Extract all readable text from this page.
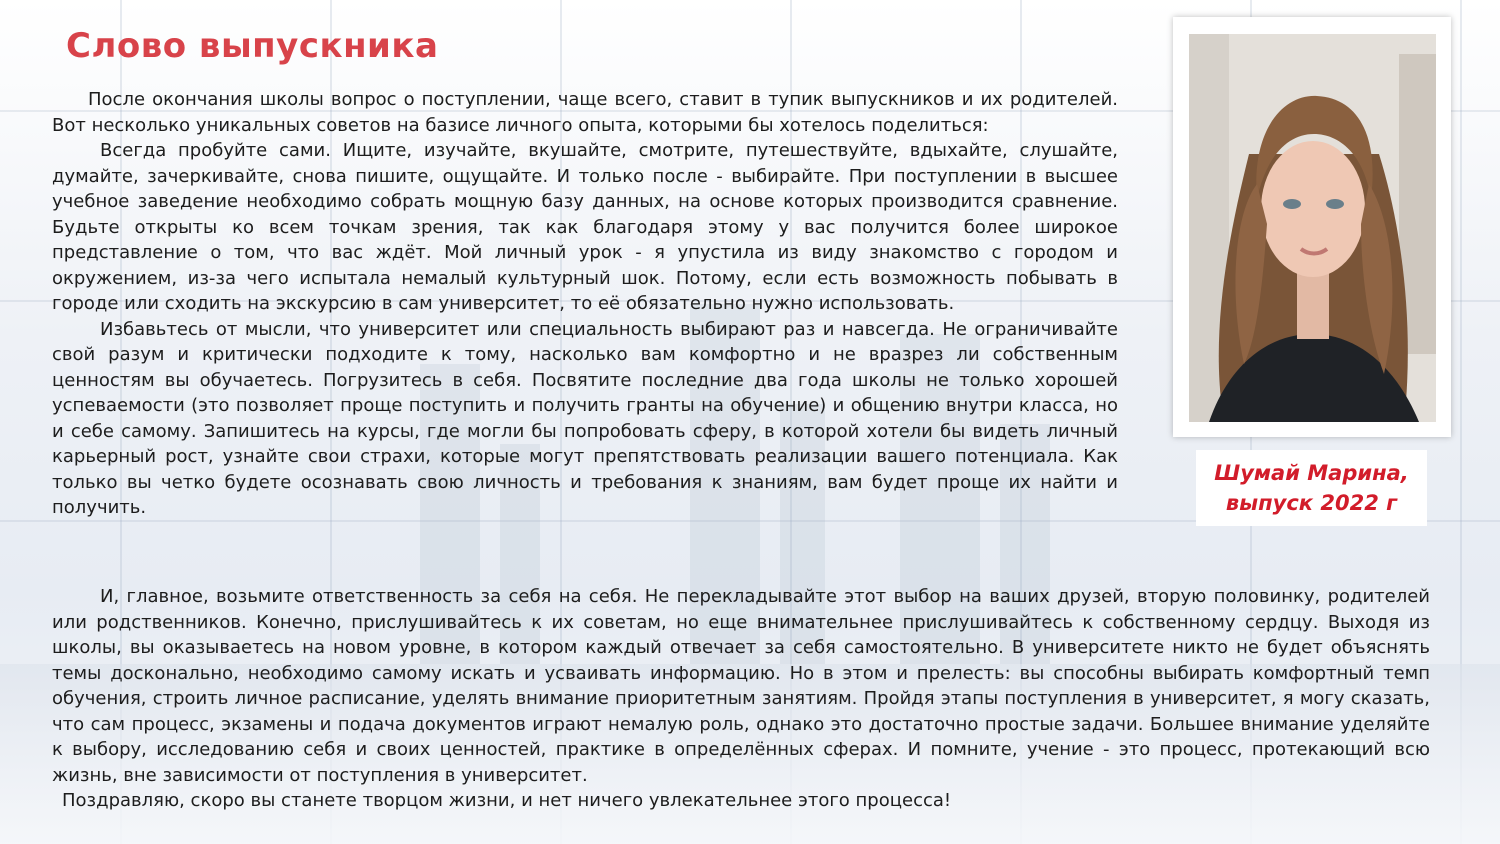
Слово выпускника

После окончания школы вопрос о поступлении, чаще всего, ставит в тупик выпускников и их родителей. Вот несколько уникальных советов на базисе личного опыта, которыми бы хотелось поделиться:

Всегда пробуйте сами. Ищите, изучайте, вкушайте, смотрите, путешествуйте, вдыхайте, слушайте, думайте, зачеркивайте, снова пишите, ощущайте. И только после - выбирайте. При поступлении в высшее учебное заведение необходимо собрать мощную базу данных, на основе которых производится сравнение. Будьте открыты ко всем точкам зрения, так как благодаря этому у вас получится более широкое представление о том, что вас ждёт. Мой личный урок - я упустила из виду знакомство с городом и окружением, из-за чего испытала немалый культурный шок. Потому, если есть возможность побывать в городе или сходить на экскурсию в сам университет, то её обязательно нужно использовать.

Избавьтесь от мысли, что университет или специальность выбирают раз и навсегда. Не ограничивайте свой разум и критически подходите к тому, насколько вам комфортно и не вразрез ли собственным ценностям вы обучаетесь. Погрузитесь в себя. Посвятите последние два года школы не только хорошей успеваемости (это позволяет проще поступить и получить гранты на обучение) и общению внутри класса, но и себе самому. Запишитесь на курсы, где могли бы попробовать сферу, в которой хотели бы видеть личный карьерный рост, узнайте свои страхи, которые могут препятствовать реализации вашего потенциала. Как только вы четко будете осознавать свою личность и требования к знаниям, вам будет проще их найти и получить.

И, главное, возьмите ответственность за себя на себя. Не перекладывайте этот выбор на ваших друзей, вторую половинку, родителей или родственников. Конечно, прислушивайтесь к их советам, но еще внимательнее прислушивайтесь к собственному сердцу. Выходя из школы, вы оказываетесь на новом уровне, в котором каждый отвечает за себя самостоятельно. В университете никто не будет объяснять темы досконально, необходимо самому искать и усваивать информацию. Но в этом и прелесть: вы способны выбирать комфортный темп обучения, строить личное расписание, уделять внимание приоритетным занятиям. Пройдя этапы поступления в университет, я могу сказать, что сам процесс, экзамены и подача документов играют немалую роль, однако это достаточно простые задачи. Большее внимание уделяйте к выбору, исследованию себя и своих ценностей, практике в определённых сферах. И помните, учение - это процесс, протекающий всю жизнь, вне зависимости от поступления в университет.

Поздравляю, скоро вы станете творцом жизни, и нет ничего увлекательнее этого процесса!

Шумай Марина,
выпуск 2022 г
